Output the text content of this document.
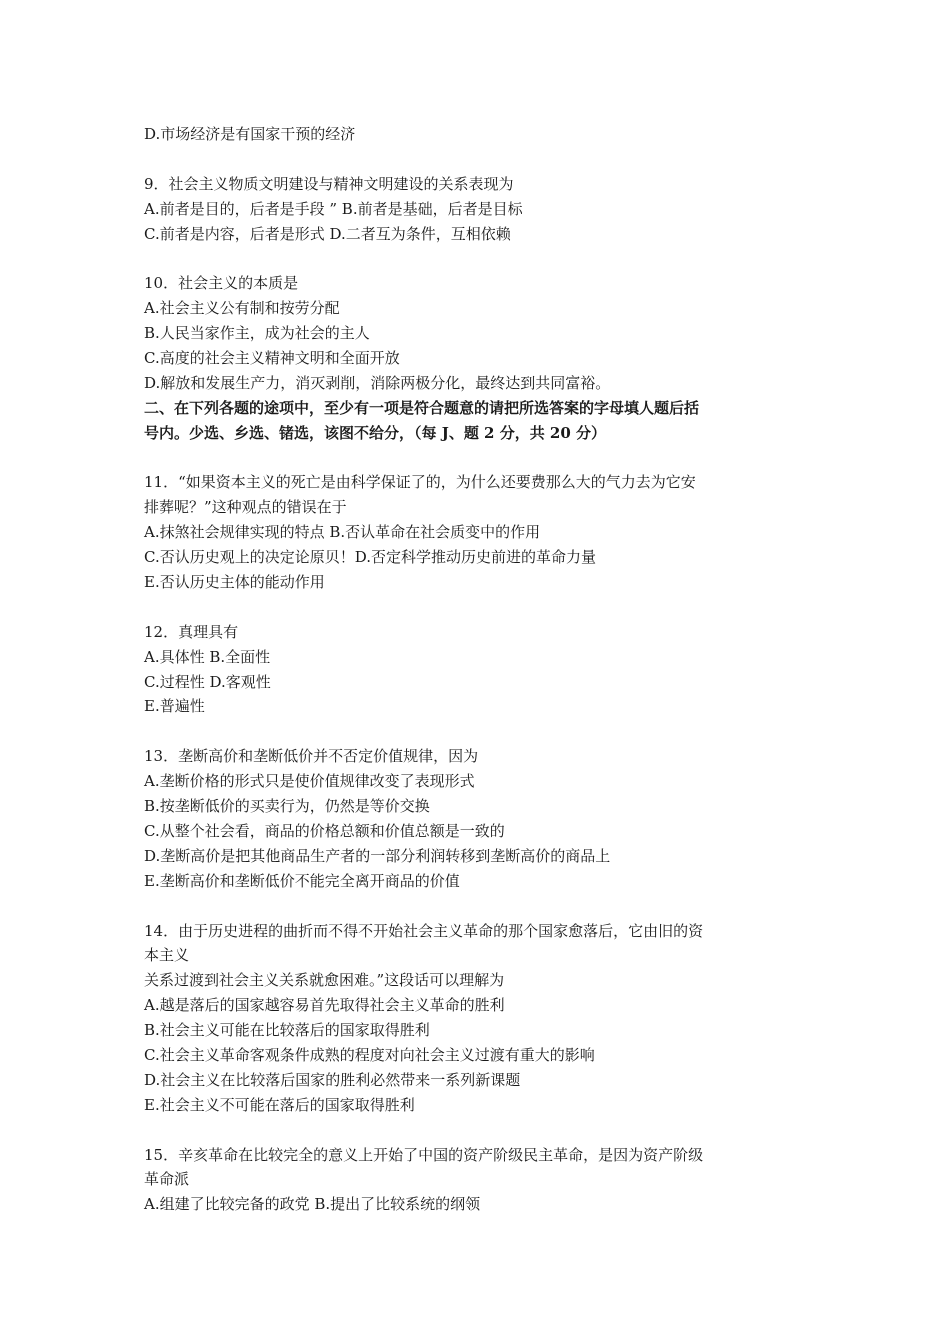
D.市场经济是有国家干预的经济
9．社会主义物质文明建设与精神文明建设的关系表现为
A.前者是目的，后者是手段 ” B.前者是基础，后者是目标
C.前者是内容，后者是形式 D.二者互为条件，互相依赖
10．社会主义的本质是
A.社会主义公有制和按劳分配
B.人民当家作主，成为社会的主人
C.高度的社会主义精神文明和全面开放
D.解放和发展生产力，消灭剥削，消除两极分化，最终达到共同富裕。
二、在下列各题的途项中，至少有一项是符合题意的请把所选答案的字母填人题后括
号内。少选、乡选、锗选，该图不给分，（每 J、题 2 分，共 20 分）
11．“如果资本主义的死亡是由科学保证了的，为什么还要费那么大的气力去为它安
排葬呢？”这种观点的错误在于
A.抹煞社会规律实现的特点 B.否认革命在社会质变中的作用
C.否认历史观上的决定论原贝！D.否定科学推动历史前进的革命力量
E.否认历史主体的能动作用
12．真理具有
A.具体性 B.全面性
C.过程性 D.客观性
E.普遍性
13．垄断高价和垄断低价并不否定价值规律，因为
A.垄断价格的形式只是使价值规律改变了表现形式
B.按垄断低价的买卖行为，仍然是等价交换
C.从整个社会看，商品的价格总额和价值总额是一致的
D.垄断高价是把其他商品生产者的一部分利润转移到垄断高价的商品上
E.垄断高价和垄断低价不能完全离开商品的价值
14．由于历史进程的曲折而不得不开始社会主义革命的那个国家愈落后，它由旧的资
本主义
关系过渡到社会主义关系就愈困难。”这段话可以理解为
A.越是落后的国家越容易首先取得社会主义革命的胜利
B.社会主义可能在比较落后的国家取得胜利
C.社会主义革命客观条件成熟的程度对向社会主义过渡有重大的影响
D.社会主义在比较落后国家的胜利必然带来一系列新课题
E.社会主义不可能在落后的国家取得胜利
15．辛亥革命在比较完全的意义上开始了中国的资产阶级民主革命，是因为资产阶级
革命派
A.组建了比较完备的政党 B.提出了比较系统的纲领
